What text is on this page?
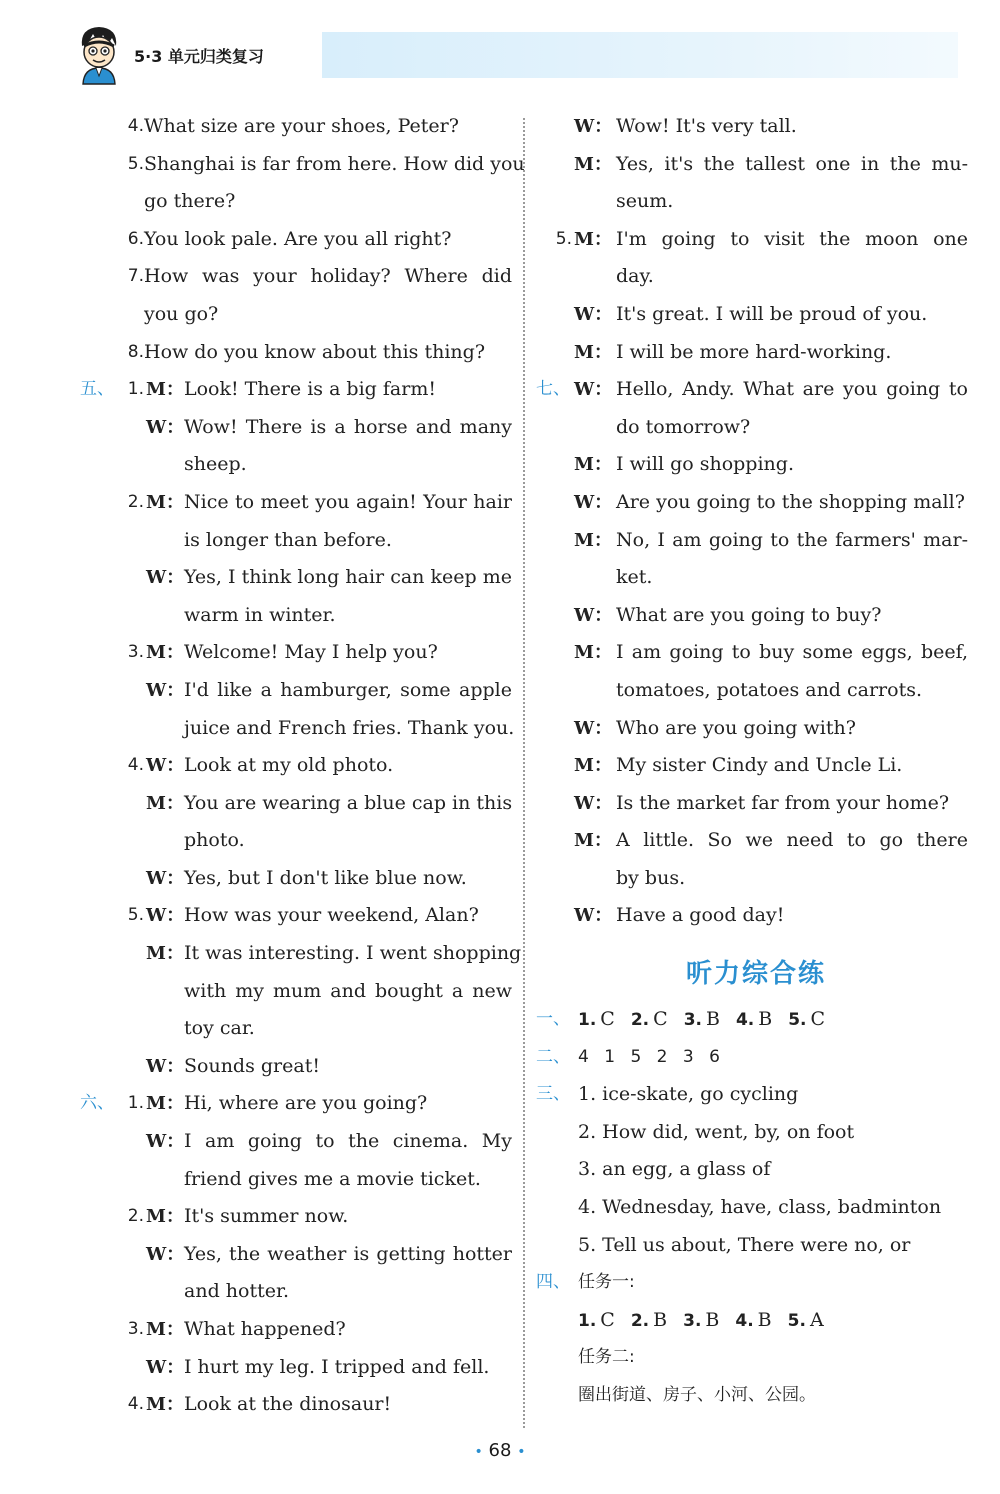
5·3 单元归类复习
4. What size are your shoes, Peter?
5. Shanghai is far from here. How did you
go there?
6. You look pale. Are you all right?
7. How was your holiday? Where did
you go?
8. How do you know about this thing?
五、 1. M： Look! There is a big farm!
W： Wow! There is a horse and many
sheep.
2. M： Nice to meet you again! Your hair
is longer than before.
W： Yes, I think long hair can keep me
warm in winter.
3. M： Welcome! May I help you?
W： I'd like a hamburger, some apple
juice and French fries. Thank you.
4. W： Look at my old photo.
M： You are wearing a blue cap in this
photo.
W： Yes, but I don't like blue now.
5. W： How was your weekend, Alan?
M： It was interesting. I went shopping
with my mum and bought a new
toy car.
W： Sounds great!
六、 1. M： Hi, where are you going?
W： I am going to the cinema. My
friend gives me a movie ticket.
2. M： It's summer now.
W： Yes, the weather is getting hotter
and hotter.
3. M： What happened?
W： I hurt my leg. I tripped and fell.
4. M： Look at the dinosaur!
W： Wow! It's very tall.
M： Yes, it's the tallest one in the mu-
seum.
5. M： I'm going to visit the moon one
day.
W： It's great. I will be proud of you.
M： I will be more hard-working.
七、 W： Hello, Andy. What are you going to
do tomorrow?
M： I will go shopping.
W： Are you going to the shopping mall?
M： No, I am going to the farmers' mar-
ket.
W： What are you going to buy?
M： I am going to buy some eggs, beef,
tomatoes, potatoes and carrots.
W： Who are you going with?
M： My sister Cindy and Uncle Li.
W： Is the market far from your home?
M： A little. So we need to go there
by bus.
W： Have a good day!
听力综合练
一、 1. C 2. C 3. B 4. B 5. C
二、 4 1 5 2 3 6
三、 1. ice-skate, go cycling
2. How did, went, by, on foot
3. an egg, a glass of
4. Wednesday, have, class, badminton
5. Tell us about, There were no, or
四、 任务一:
1. C 2. B 3. B 4. B 5. A
任务二:
圈出街道、房子、小河、公园。
• 68 •
